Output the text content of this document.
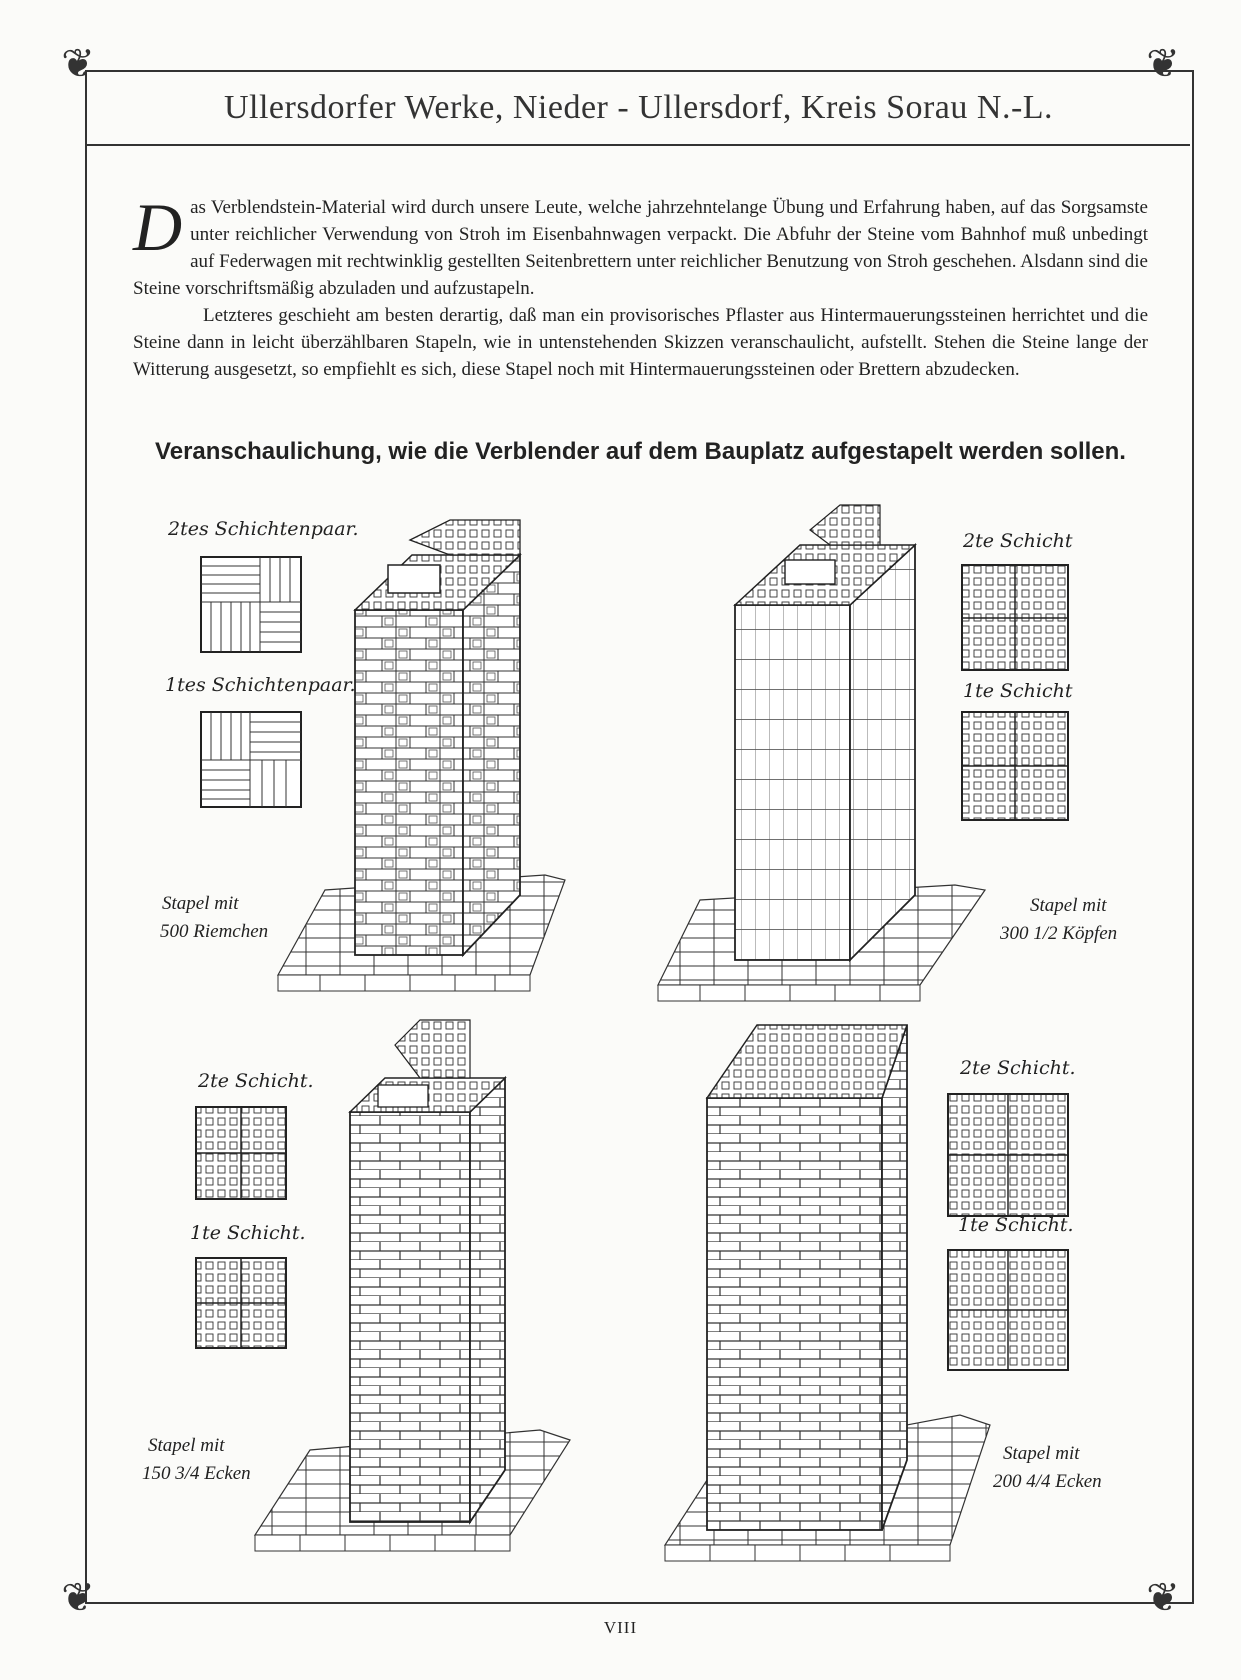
❦	❦
❦	❦
Ullersdorfer Werke, Nieder - Ullersdorf, Kreis Sorau N.-L.
D as Verblendstein-Material wird durch unsere Leute, welche jahrzehntelange Übung und Erfahrung haben, auf das Sorgsamste unter reichlicher Verwendung von Stroh im Eisenbahnwagen verpackt. Die Abfuhr der Steine vom Bahnhof muß unbedingt auf Federwagen mit rechtwinklig gestellten Seitenbrettern unter reichlicher Benutzung von Stroh geschehen. Alsdann sind die Steine vorschriftsmäßig abzuladen und aufzustapeln.
Letzteres geschieht am besten derartig, daß man ein provisorisches Pflaster aus Hintermauerungssteinen herrichtet und die Steine dann in leicht überzählbaren Stapeln, wie in untenstehenden Skizzen veranschaulicht, aufstellt. Stehen die Steine lange der Witterung ausgesetzt, so empfiehlt es sich, diese Stapel noch mit Hintermauerungssteinen oder Brettern abzudecken.
Veranschaulichung, wie die Verblender auf dem Bauplatz aufgestapelt werden sollen.
2tes Schichtenpaar.
1tes Schichtenpaar.
Stapel mit
500 Riemchen
2te Schicht
1te Schicht
Stapel mit
300 1/2 Köpfen
2te Schicht.
1te Schicht.
Stapel mit
150 3/4 Ecken
2te Schicht.
1te Schicht.
Stapel mit
200 4/4 Ecken
VIII
